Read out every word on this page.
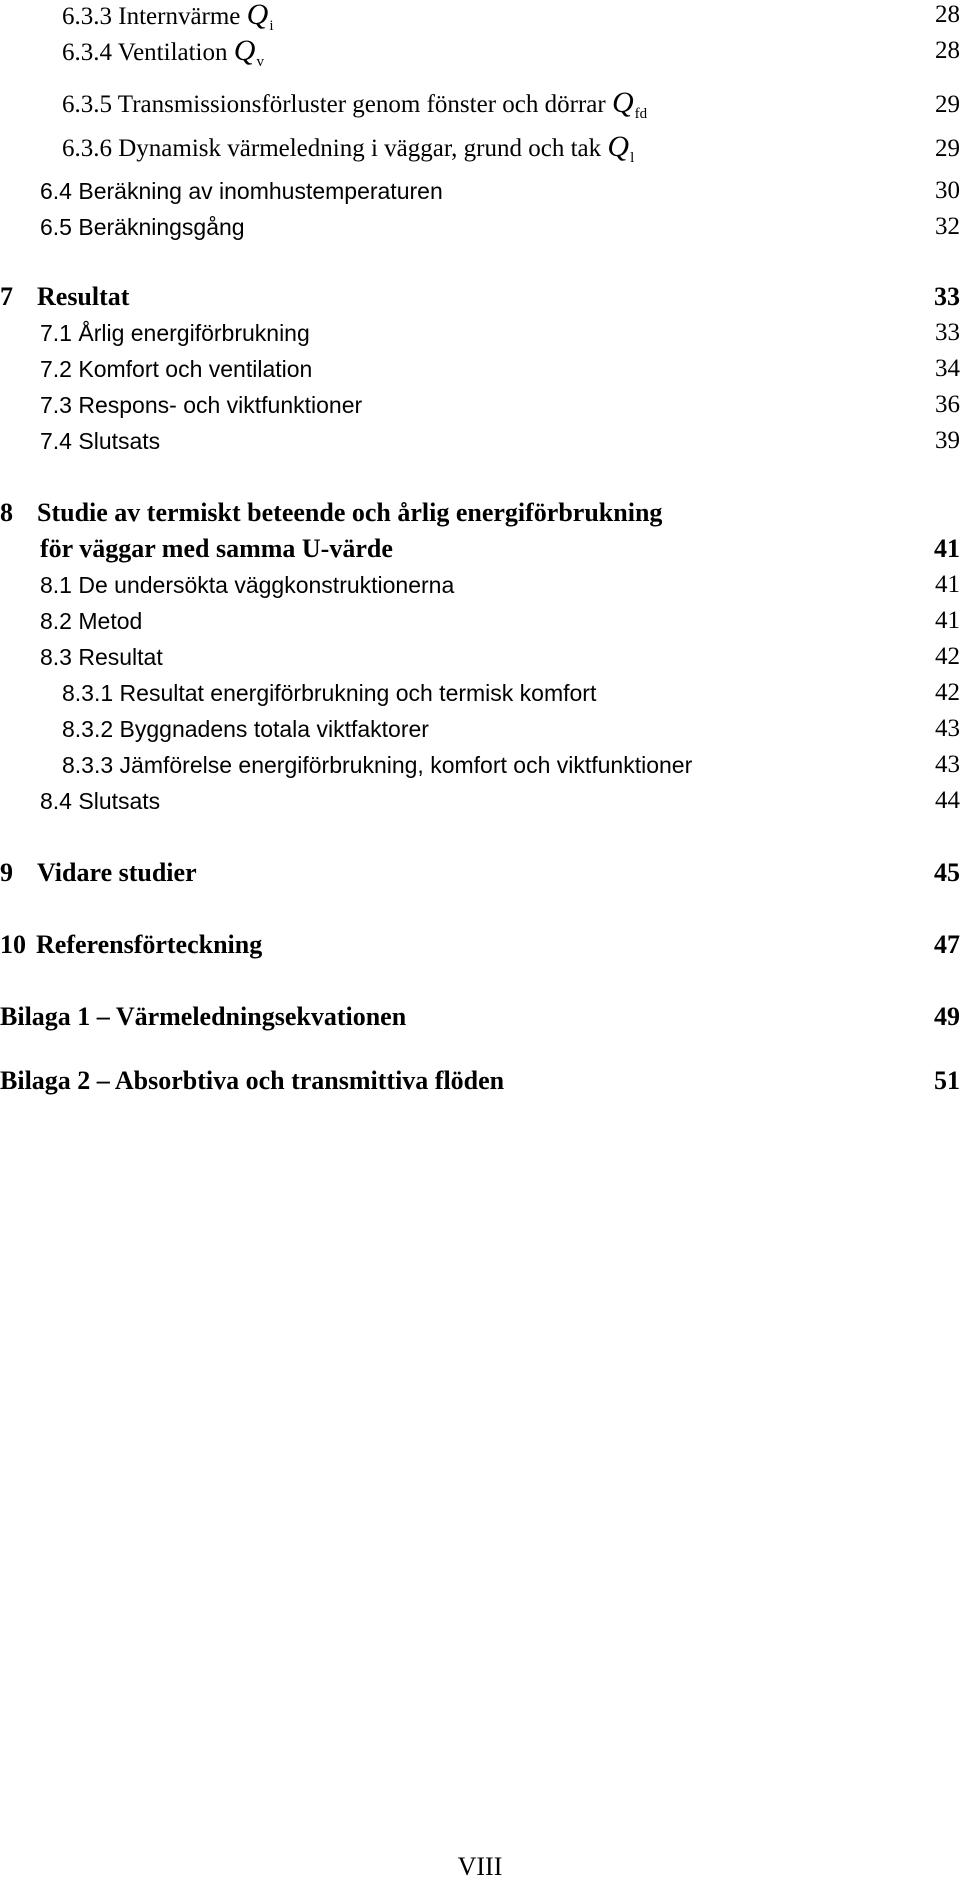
6.3.3 Internvärme $Q_i$	28
6.3.4 Ventilation $Q_v$	28
6.3.5 Transmissionsförluster genom fönster och dörrar $Q_{fd}$	29
6.3.6 Dynamisk värmeledning i väggar, grund och tak $Q_l$	29
6.4 Beräkning av inomhustemperaturen	30
6.5 Beräkningsgång	32
7 Resultat	33
7.1 Årlig energiförbrukning	33
7.2 Komfort och ventilation	34
7.3 Respons- och viktfunktioner	36
7.4 Slutsats	39
8 Studie av termiskt beteende och årlig energiförbrukning
för väggar med samma U-värde	41
8.1 De undersökta väggkonstruktionerna	41
8.2 Metod	41
8.3 Resultat	42
8.3.1 Resultat energiförbrukning och termisk komfort	42
8.3.2 Byggnadens totala viktfaktorer	43
8.3.3 Jämförelse energiförbrukning, komfort och viktfunktioner	43
8.4 Slutsats	44
9 Vidare studier	45
10 Referensförteckning	47
Bilaga 1 – Värmeledningsekvationen	49
Bilaga 2 – Absorbtiva och transmittiva flöden	51
VIII
